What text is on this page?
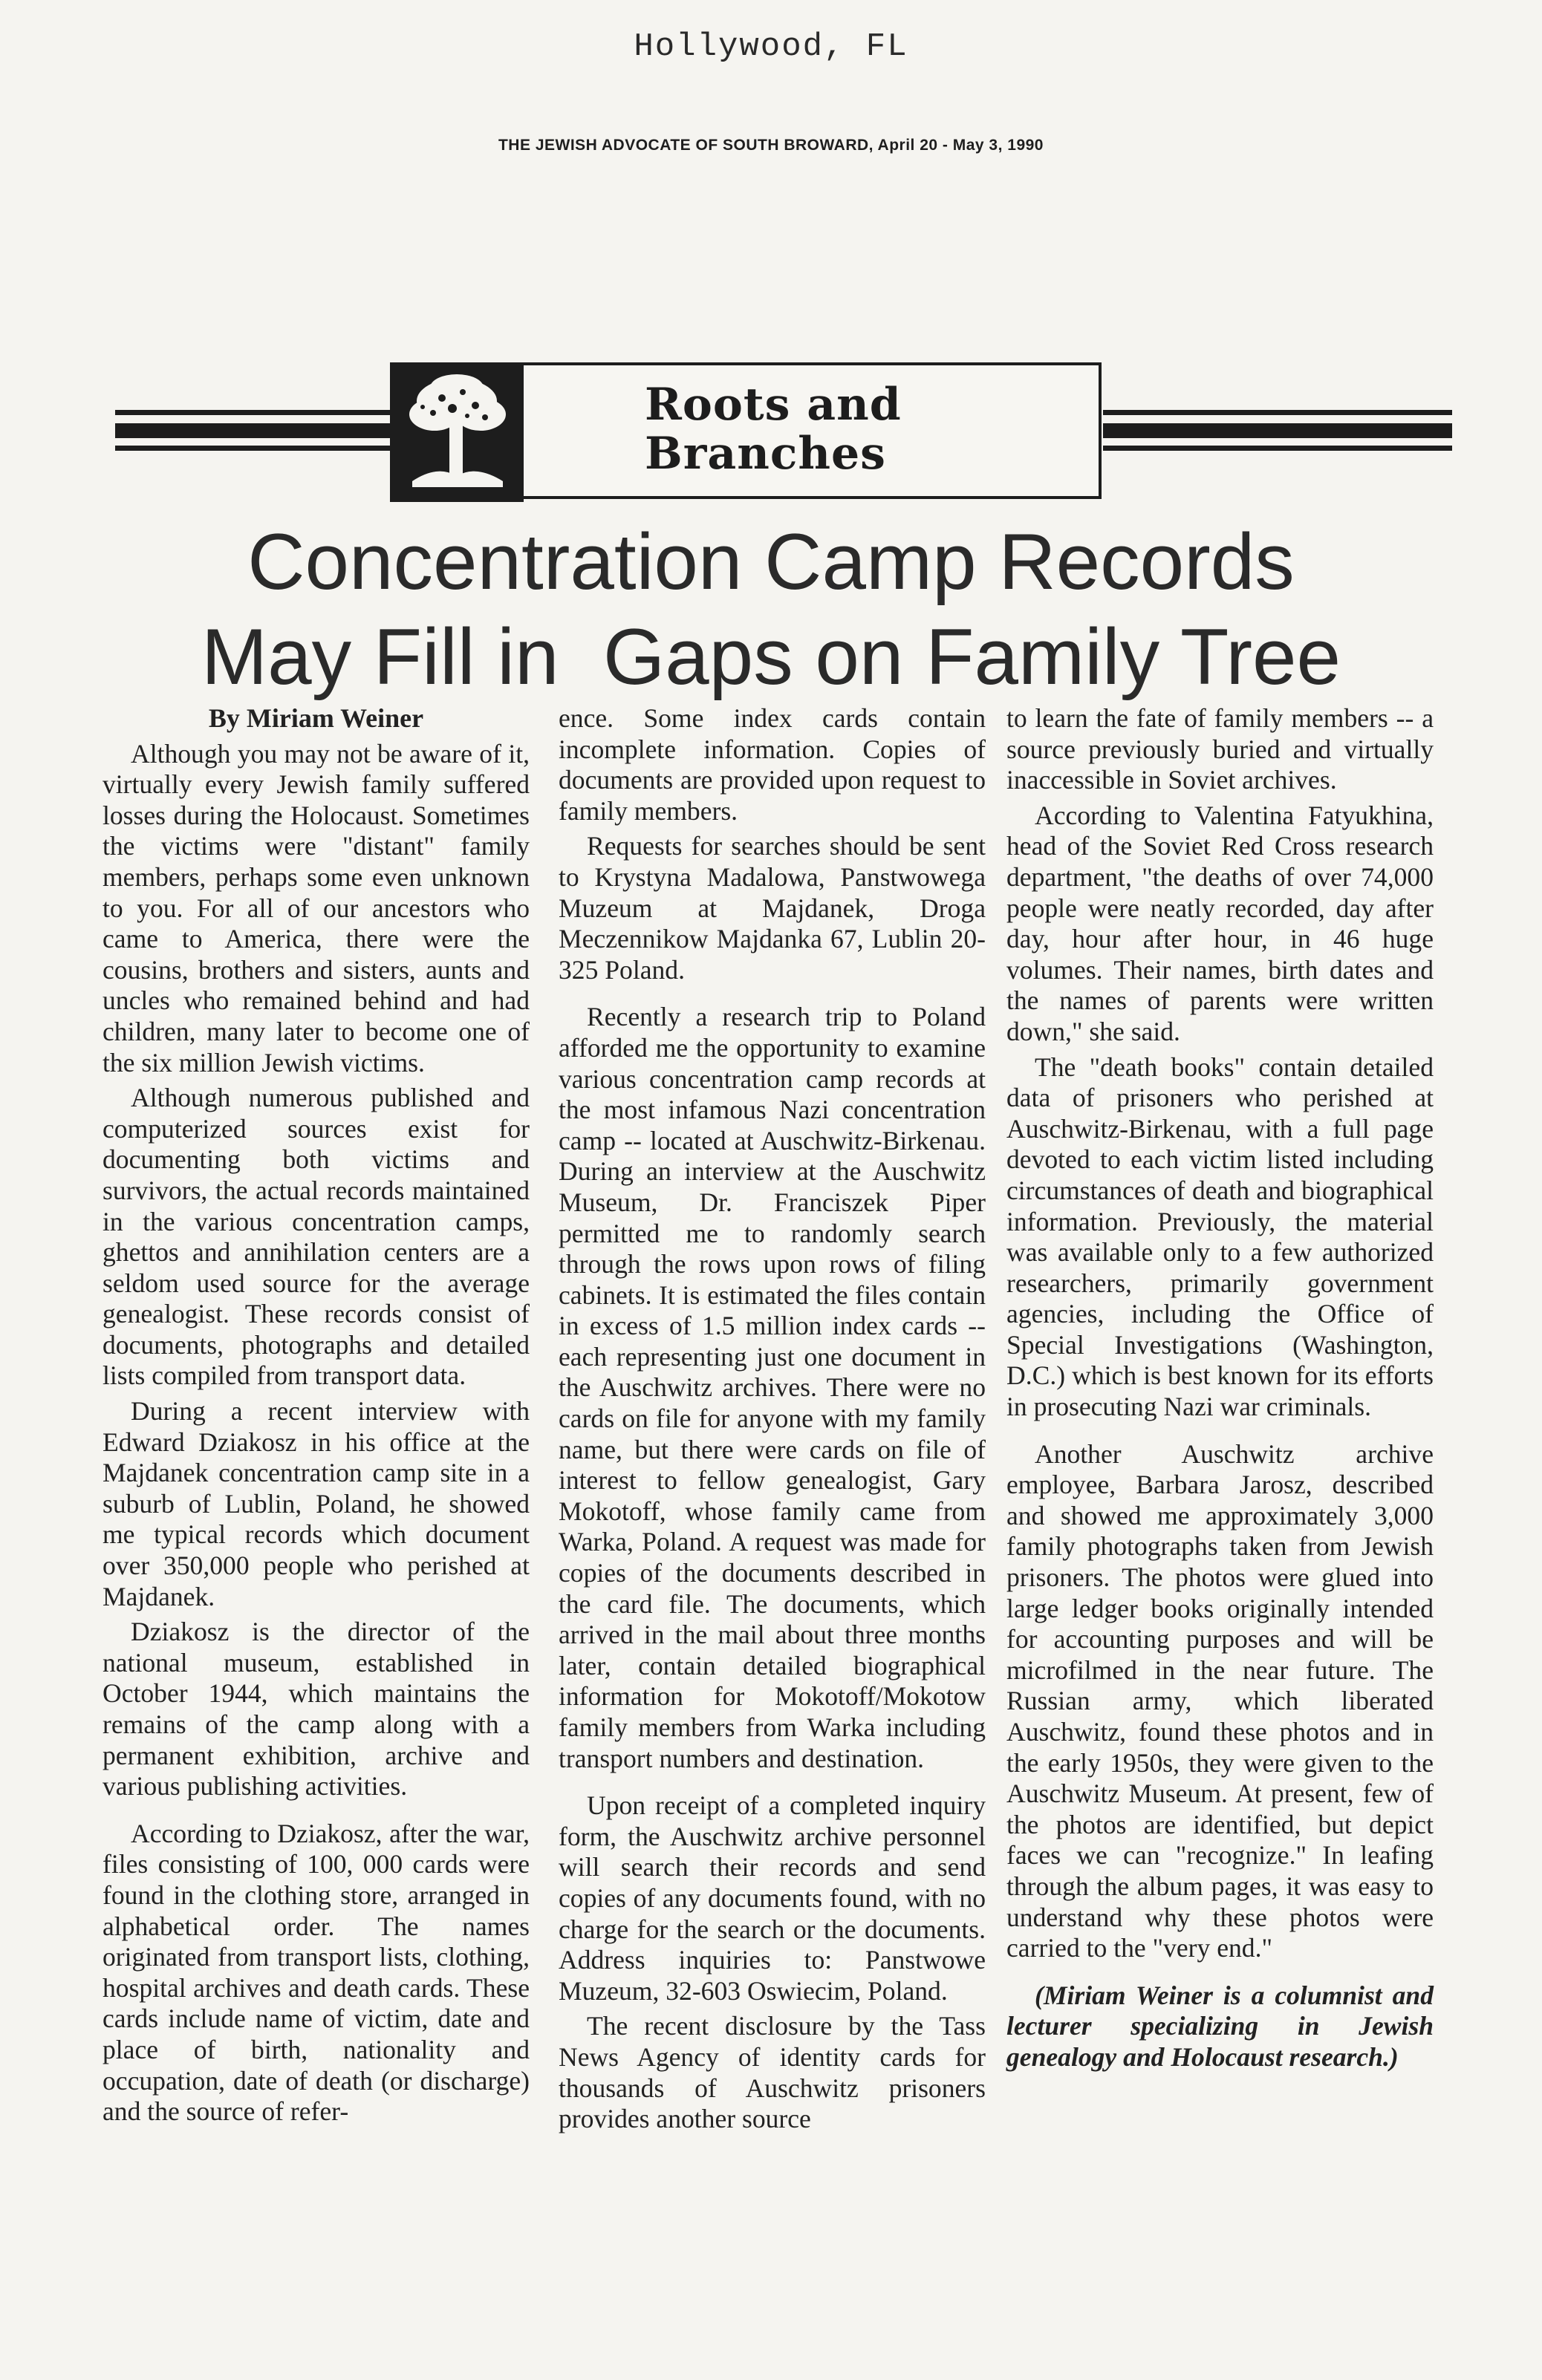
Hollywood, FL
THE JEWISH ADVOCATE OF SOUTH BROWARD, April 20 - May 3, 1990
Roots and
Branches
Concentration Camp Records
May Fill in  Gaps on Family Tree

By Miriam Weiner

Although you may not be aware of it, virtually every Jewish family suffered losses during the Holocaust. Sometimes the victims were "distant" family members, perhaps some even unknown to you. For all of our ancestors who came to America, there were the cousins, brothers and sisters, aunts and uncles who remained behind and had children, many later to become one of the six million Jewish victims.

Although numerous published and computerized sources exist for documenting both victims and survivors, the actual records maintained in the various concentration camps, ghettos and annihilation centers are a seldom used source for the average genealogist. These records consist of documents, photographs and detailed lists compiled from transport data.

During a recent interview with Edward Dziakosz in his office at the Majdanek concentration camp site in a suburb of Lublin, Poland, he showed me typical records which document over 350,000 people who perished at Majdanek.

Dziakosz is the director of the national museum, established in October 1944, which maintains the remains of the camp along with a permanent exhibition, archive and various publishing activities.

According to Dziakosz, after the war, files consisting of 100, 000 cards were found in the clothing store, arranged in alphabetical order. The names originated from transport lists, clothing, hospital archives and death cards. These cards include name of victim, date and place of birth, nationality and occupation, date of death (or discharge) and the source of refer-

ence. Some index cards contain incomplete information. Copies of documents are provided upon request to family members.

Requests for searches should be sent to Krystyna Madalowa, Panstwowega Muzeum at Majdanek, Droga Meczennikow Majdanka 67, Lublin 20-325 Poland.

Recently a research trip to Poland afforded me the opportunity to examine various concentration camp records at the most infamous Nazi concentration camp -- located at Auschwitz-Birkenau. During an interview at the Auschwitz Museum, Dr. Franciszek Piper permitted me to randomly search through the rows upon rows of filing cabinets. It is estimated the files contain in excess of 1.5 million index cards -- each representing just one document in the Auschwitz archives. There were no cards on file for anyone with my family name, but there were cards on file of interest to fellow genealogist, Gary Mokotoff, whose family came from Warka, Poland. A request was made for copies of the documents described in the card file. The documents, which arrived in the mail about three months later, contain detailed biographical information for Mokotoff/Mokotow family members from Warka including transport numbers and destination.

Upon receipt of a completed inquiry form, the Auschwitz archive personnel will search their records and send copies of any documents found, with no charge for the search or the documents. Address inquiries to: Panstwowe Muzeum, 32-603 Oswiecim, Poland.

The recent disclosure by the Tass News Agency of identity cards for thousands of Auschwitz prisoners provides another source

to learn the fate of family members -- a source previously buried and virtually inaccessible in Soviet archives.

According to Valentina Fatyukhina, head of the Soviet Red Cross research department, "the deaths of over 74,000 people were neatly recorded, day after day, hour after hour, in 46 huge volumes. Their names, birth dates and the names of parents were written down," she said.

The "death books" contain detailed data of prisoners who perished at Auschwitz-Birkenau, with a full page devoted to each victim listed including circumstances of death and biographical information. Previously, the material was available only to a few authorized researchers, primarily government agencies, including the Office of Special Investigations (Washington, D.C.) which is best known for its efforts in prosecuting Nazi war criminals.

Another Auschwitz archive employee, Barbara Jarosz, described and showed me approximately 3,000 family photographs taken from Jewish prisoners. The photos were glued into large ledger books originally intended for accounting purposes and will be microfilmed in the near future. The Russian army, which liberated Auschwitz, found these photos and in the early 1950s, they were given to the Auschwitz Museum. At present, few of the photos are identified, but depict faces we can "recognize." In leafing through the album pages, it was easy to understand why these photos were carried to the "very end."

(Miriam Weiner is a columnist and lecturer specializing in Jewish genealogy and Holocaust research.)
